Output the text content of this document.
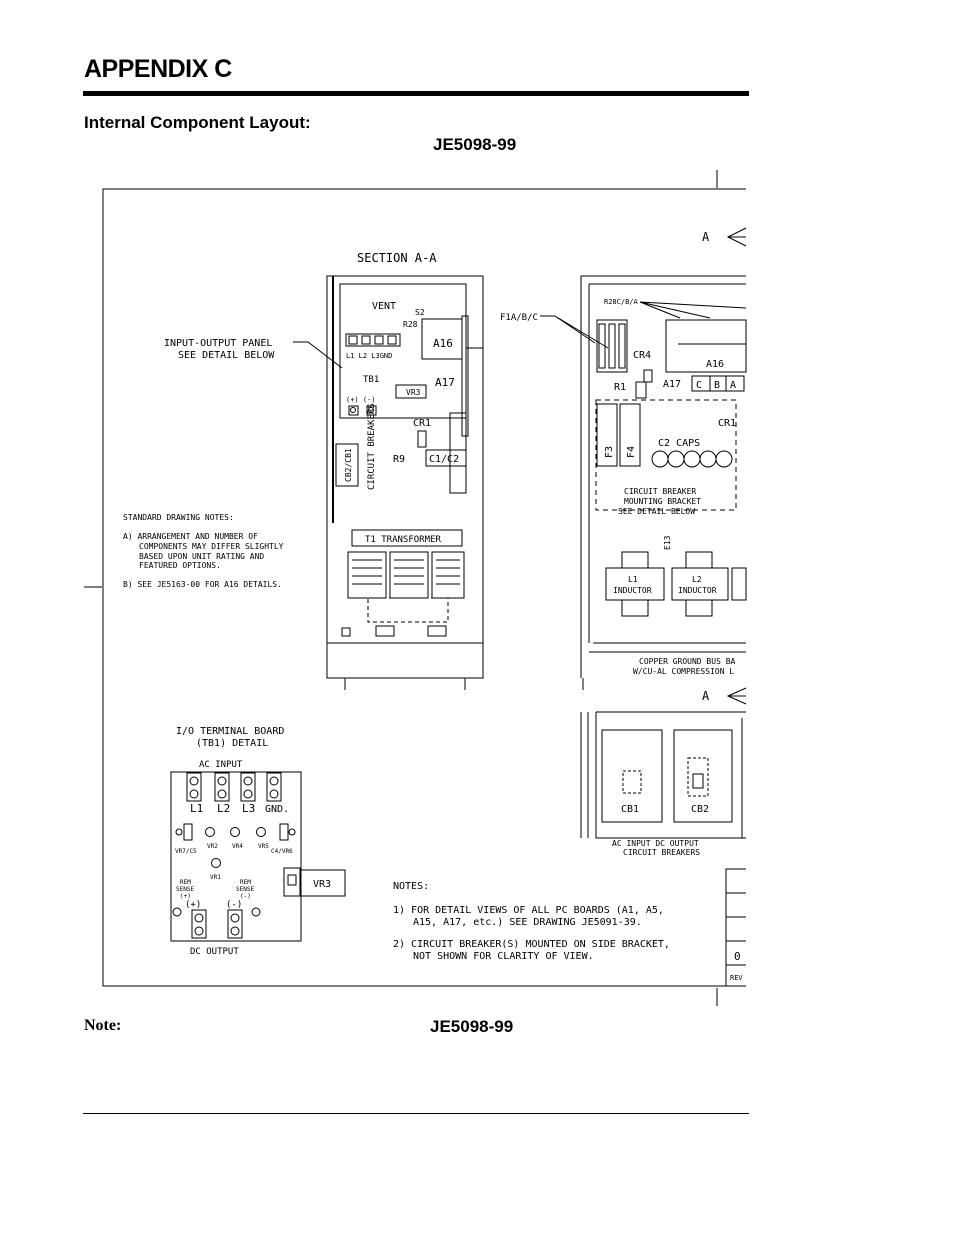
APPENDIX C
Internal Component Layout:
JE5098-99
A
A
SECTION A-A
VENT
S2
R28
A16
A17
L1 L2 L3GND
TB1
VR3
(+) (-)
CR1
C1/C2
R9
CB2/CB1 CIRCUIT BREAKERS
T1 TRANSFORMER
INPUT-OUTPUT PANEL
SEE DETAIL BELOW
STANDARD DRAWING NOTES:
A) ARRANGEMENT AND NUMBER OF
COMPONENTS MAY DIFFER SLIGHTLY
BASED UPON UNIT RATING AND
FEATURED OPTIONS.
B) SEE JE5163-00 FOR A16 DETAILS.
F1A/B/C
R28C/B/A
A16
CR4
R1	A17 C B A
F3 F4
C2 CAPS
CR1
CIRCUIT BREAKER
MOUNTING BRACKET
SEE DETAIL BELOW
L1
INDUCTOR
L2
INDUCTOR
E13
COPPER GROUND BUS BA
W/CU-AL COMPRESSION L
CB1	CB2
AC INPUT DC OUTPUT
CIRCUIT BREAKERS
I/O TERMINAL BOARD
(TB1) DETAIL
AC INPUT
L1 L2 L3 GND.
VR7/C5
VR2 VR4	VR5
C4/VR6
VR1
VR3
REM
SENSE
(+)
REM
SENSE
(-)
(+)	(-)
DC OUTPUT
NOTES:
1) FOR DETAIL VIEWS OF ALL PC BOARDS (A1, A5,
A15, A17, etc.) SEE DRAWING JE5091-39.
2) CIRCUIT BREAKER(S) MOUNTED ON SIDE BRACKET,
NOT SHOWN FOR CLARITY OF VIEW.	0
REV
Note:	JE5098-99
